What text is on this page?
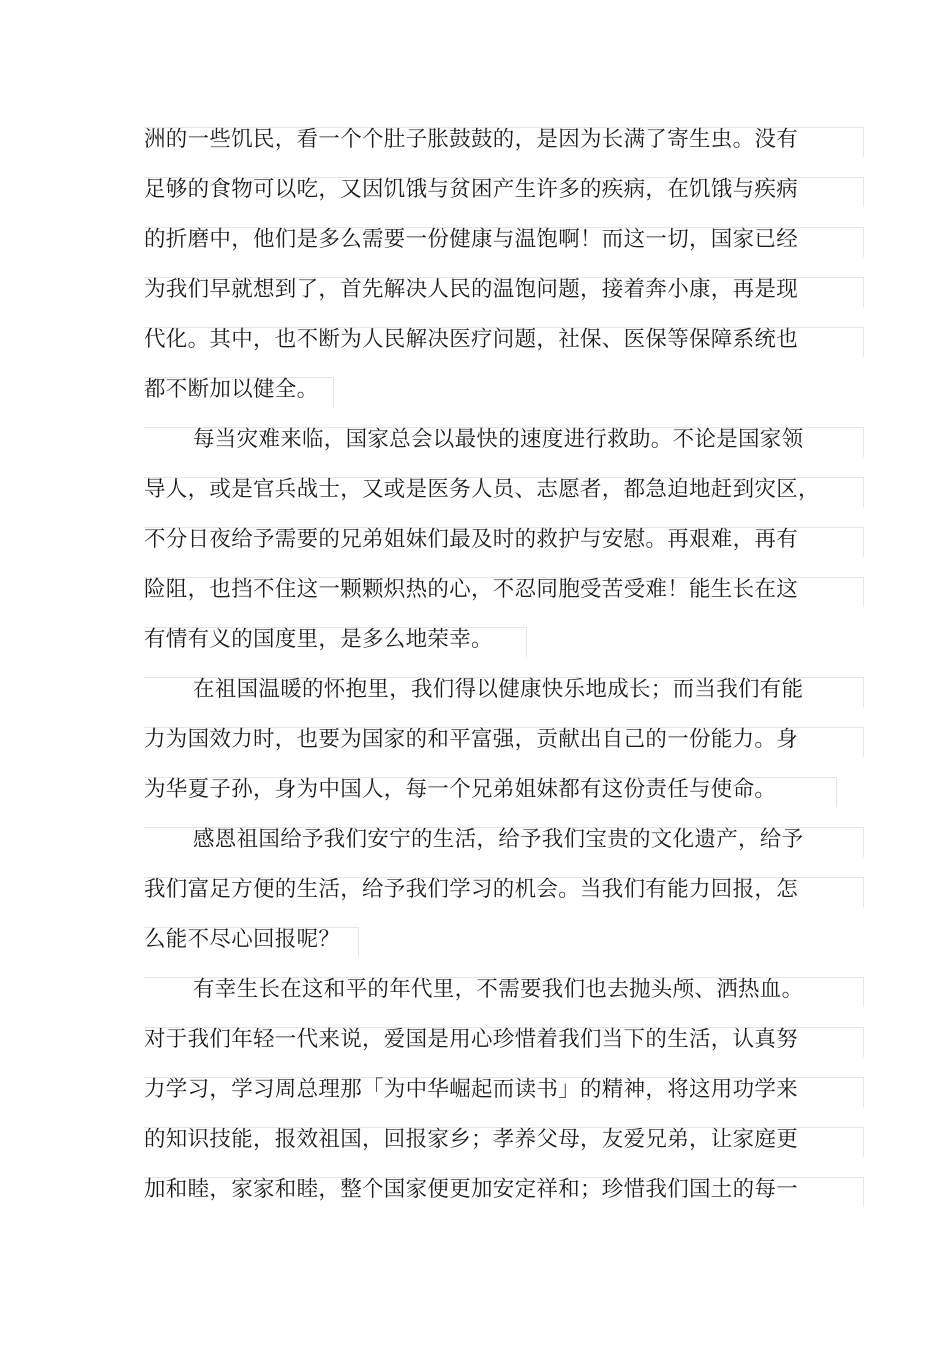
洲的一些饥民，看一个个肚子胀鼓鼓的，是因为长满了寄生虫。没有
足够的食物可以吃，又因饥饿与贫困产生许多的疾病，在饥饿与疾病
的折磨中，他们是多么需要一份健康与温饱啊！而这一切，国家已经
为我们早就想到了，首先解决人民的温饱问题，接着奔小康，再是现
代化。其中，也不断为人民解决医疗问题，社保、医保等保障系统也
都不断加以健全。
每当灾难来临，国家总会以最快的速度进行救助。不论是国家领
导人，或是官兵战士，又或是医务人员、志愿者，都急迫地赶到灾区，
不分日夜给予需要的兄弟姐妹们最及时的救护与安慰。再艰难，再有
险阻，也挡不住这一颗颗炽热的心，不忍同胞受苦受难！能生长在这
有情有义的国度里，是多么地荣幸。
在祖国温暖的怀抱里，我们得以健康快乐地成长；而当我们有能
力为国效力时，也要为国家的和平富强，贡献出自己的一份能力。身
为华夏子孙，身为中国人，每一个兄弟姐妹都有这份责任与使命。
感恩祖国给予我们安宁的生活，给予我们宝贵的文化遗产，给予
我们富足方便的生活，给予我们学习的机会。当我们有能力回报，怎
么能不尽心回报呢？
有幸生长在这和平的年代里，不需要我们也去抛头颅、洒热血。
对于我们年轻一代来说，爱国是用心珍惜着我们当下的生活，认真努
力学习，学习周总理那「为中华崛起而读书」的精神，将这用功学来
的知识技能，报效祖国，回报家乡；孝养父母，友爱兄弟，让家庭更
加和睦，家家和睦，整个国家便更加安定祥和；珍惜我们国土的每一
